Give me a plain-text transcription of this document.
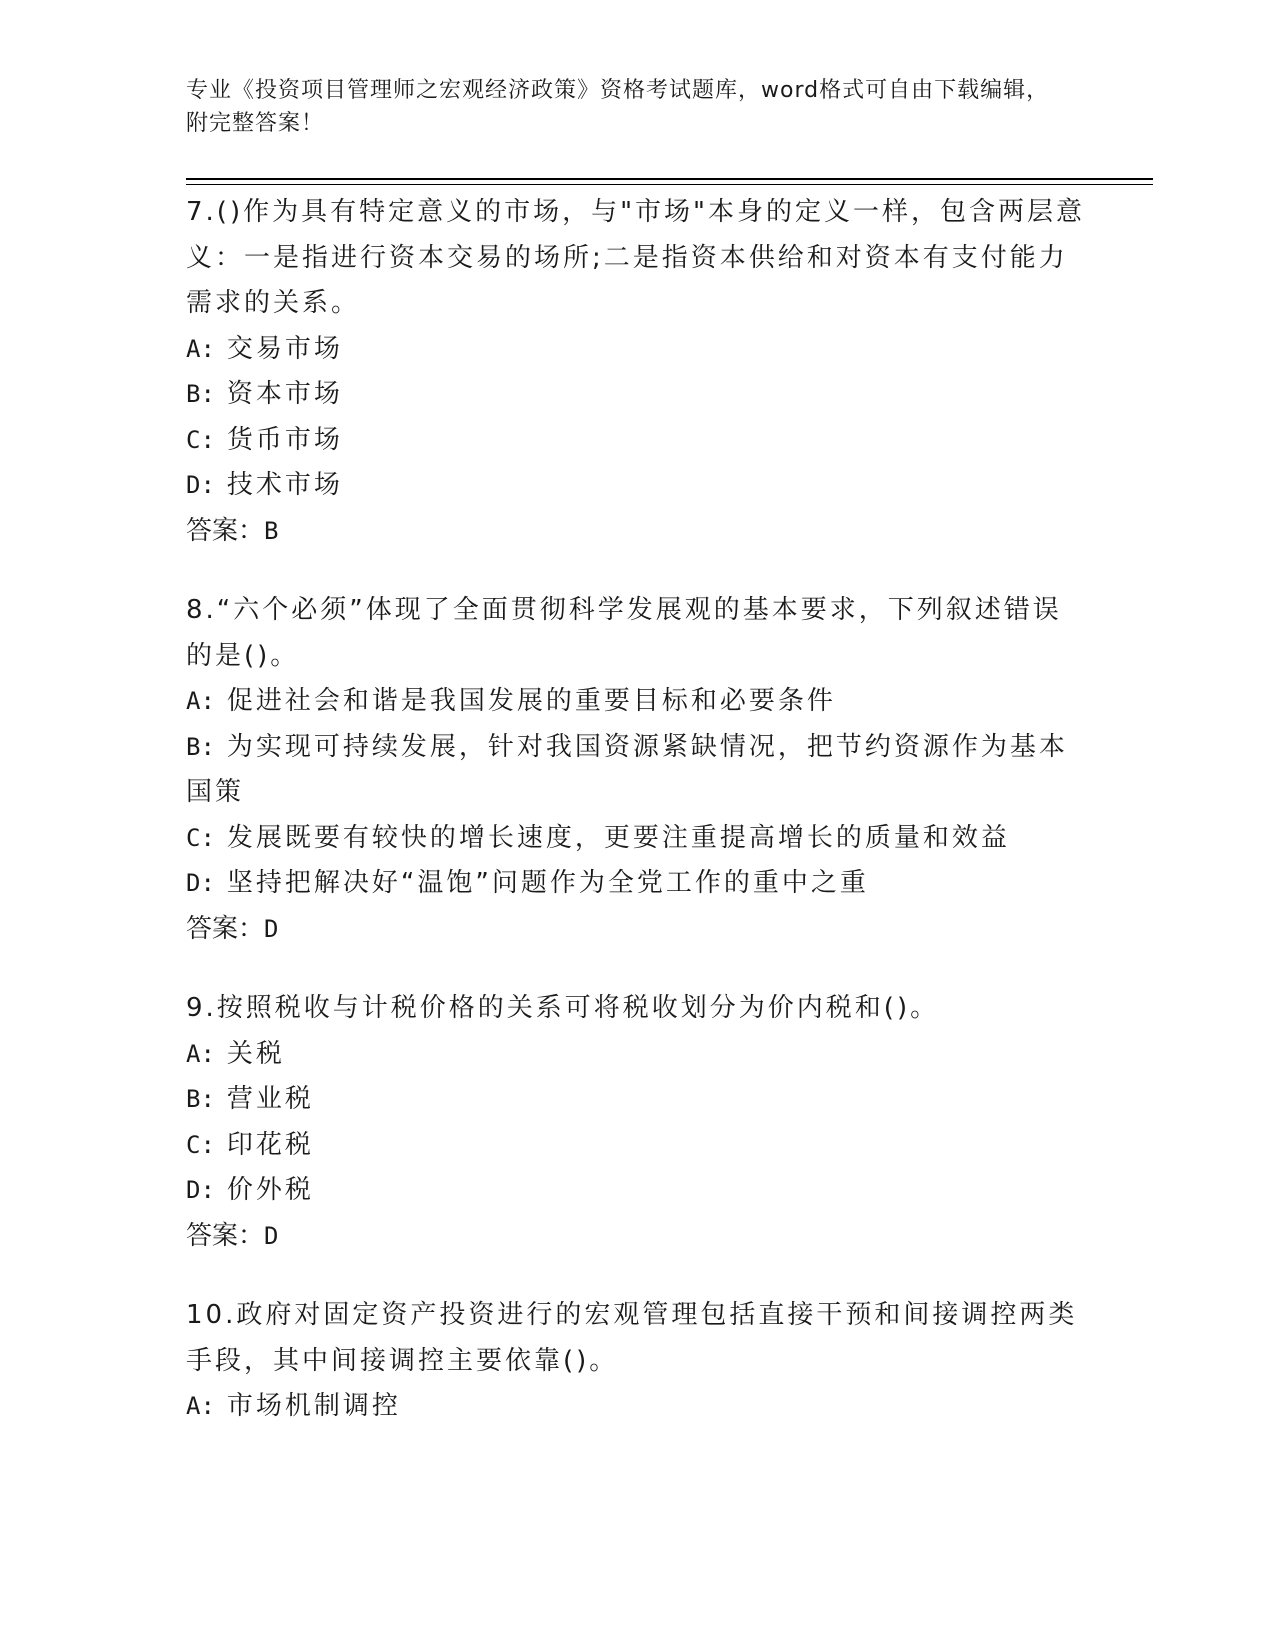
专业《投资项目管理师之宏观经济政策》资格考试题库，word格式可自由下载编辑，附完整答案！
7.()作为具有特定意义的市场，与"市场"本身的定义一样，包含两层意义：一是指进行资本交易的场所;二是指资本供给和对资本有支付能力需求的关系。
A: 交易市场
B: 资本市场
C: 货币市场
D: 技术市场
答案：B
8.“六个必须”体现了全面贯彻科学发展观的基本要求，下列叙述错误的是()。
A: 促进社会和谐是我国发展的重要目标和必要条件
B: 为实现可持续发展，针对我国资源紧缺情况，把节约资源作为基本国策
C: 发展既要有较快的增长速度，更要注重提高增长的质量和效益
D: 坚持把解决好“温饱”问题作为全党工作的重中之重
答案：D
9.按照税收与计税价格的关系可将税收划分为价内税和()。
A: 关税
B: 营业税
C: 印花税
D: 价外税
答案：D
10.政府对固定资产投资进行的宏观管理包括直接干预和间接调控两类手段，其中间接调控主要依靠()。
A: 市场机制调控
